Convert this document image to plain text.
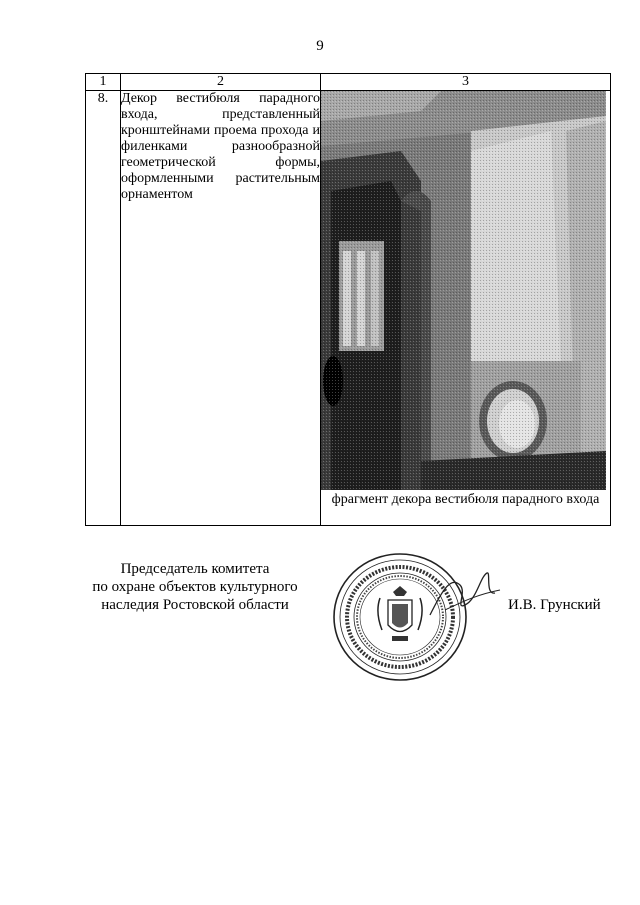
9
1	2	3
8.	Декор вестибюля парадного входа, представленный кронштейнами проема прохода и филенками разнообразной геометрической формы, оформленными растительным орнаментом	фрагмент декора вестибюля парадного входа
Председатель комитета
по охране объектов культурного
наследия Ростовской области	И.В. Грунский
